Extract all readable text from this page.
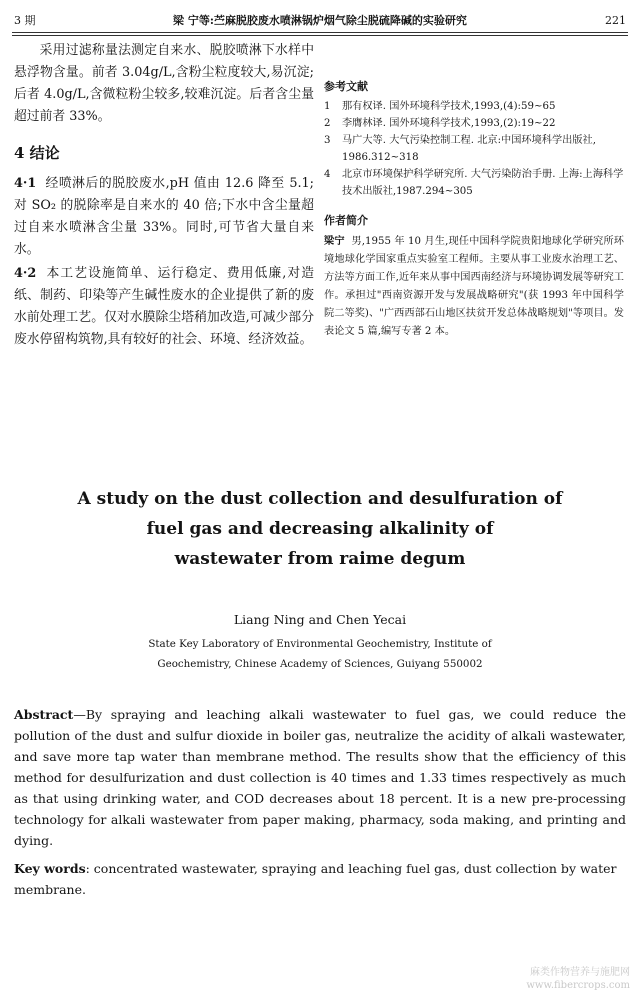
3 期	梁 宁等:苎麻脱胶废水喷淋锅炉烟气除尘脱硫降碱的实验研究	221

采用过滤称量法测定自来水、脱胶喷淋下水样中悬浮物含量。前者 3.04g/L,含粉尘粒度较大,易沉淀;后者 4.0g/L,含微粒粉尘较多,较难沉淀。后者含尘量超过前者 33%。

4 结论
4·1 经喷淋后的脱胶废水,pH 值由 12.6 降至 5.1;对 SO₂ 的脱除率是自来水的 40 倍;下水中含尘量超过自来水喷淋含尘量 33%。同时,可节省大量自来水。
4·2 本工艺设施简单、运行稳定、费用低廉,对造纸、制药、印染等产生碱性废水的企业提供了新的废水前处理工艺。仅对水膜除尘塔稍加改造,可减少部分废水停留构筑物,具有较好的社会、环境、经济效益。
参考文献
1	那有权译. 国外环境科学技术,1993,(4):59~65
2	李膺林译. 国外环境科学技术,1993,(2):19~22
3	马广大等. 大气污染控制工程. 北京:中国环境科学出版社, 1986.312~318
4	北京市环境保护科学研究所. 大气污染防治手册. 上海:上海科学技术出版社,1987.294~305
作者简介

梁宁 男,1955 年 10 月生,现任中国科学院贵阳地球化学研究所环境地球化学国家重点实验室工程师。主要从事工业废水治理工艺、方法等方面工作,近年来从事中国西南经济与环境协调发展等研究工作。承担过"西南资源开发与发展战略研究"(获 1993 年中国科学院二等奖)、"广西西部石山地区扶贫开发总体战略规划"等项目。发表论文 5 篇,编写专著 2 本。

A study on the dust collection and desulfuration of
fuel gas and decreasing alkalinity of
wastewater from raime degum
Liang Ning and Chen Yecai
State Key Laboratory of Environmental Geochemistry, Institute of
Geochemistry, Chinese Academy of Sciences, Guiyang 550002
Abstract—By spraying and leaching alkali wastewater to fuel gas, we could reduce the pollution of the dust and sulfur dioxide in boiler gas, neutralize the acidity of alkali wastewater, and save more tap water than membrane method. The results show that the efficiency of this method for desulfurization and dust collection is 40 times and 1.33 times respectively as much as that using drinking water, and COD decreases about 18 percent. It is a new pre-processing technology for alkali wastewater from paper making, pharmacy, soda making, and printing and dying.
Key words: concentrated wastewater, spraying and leaching fuel gas, dust collection by water membrane.
麻类作物营养与施肥网
www.fibercrops.com
